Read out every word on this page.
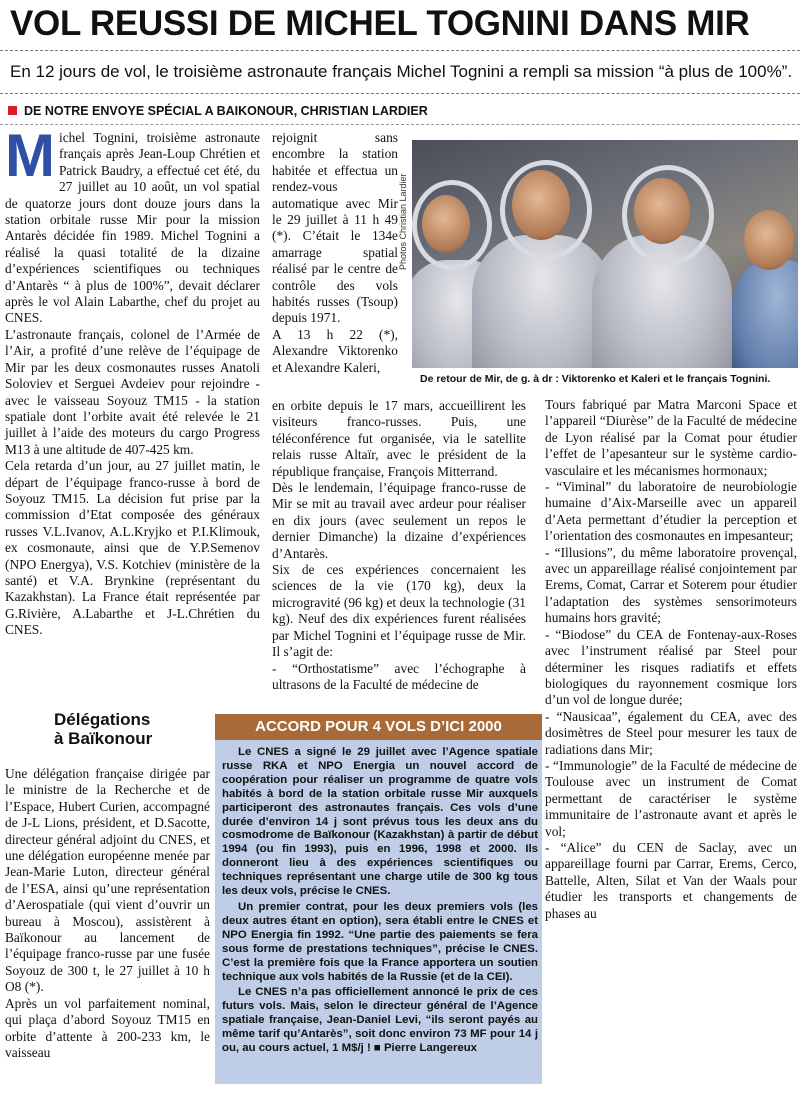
VOL REUSSI DE MICHEL TOGNINI DANS MIR
En 12 jours de vol, le troisième astronaute français Michel Tognini a rempli sa mission “à plus de 100%”.
DE NOTRE ENVOYE SPÉCIAL A BAIKONOUR, CHRISTIAN LARDIER

Michel Tognini, troisième astronaute français après Jean-Loup Chrétien et Patrick Baudry, a effectué cet été, du 27 juillet au 10 août, un vol spatial de quatorze jours dont douze jours dans la station orbitale russe Mir pour la mission Antarès décidée fin 1989. Michel Tognini a réalisé la quasi totalité de la dizaine d’expériences scientifiques ou techniques d’Antarès “ à plus de 100%”, devait déclarer après le vol Alain Labarthe, chef du projet au CNES.

L’astronaute français, colonel de l’Armée de l’Air, a profité d’une relève de l’équipage de Mir par les deux cosmonautes russes Anatoli Soloviev et Serguei Avdeiev pour rejoindre - avec le vaisseau Soyouz TM15 - la station spatiale dont l’orbite avait été relevée le 21 juillet à l’aide des moteurs du cargo Progress M13 à une altitude de 407-425 km.

Cela retarda d’un jour, au 27 juillet matin, le départ de l’équipage franco-russe à bord de Soyouz TM15. La décision fut prise par la commission d’Etat composée des généraux russes V.L.Ivanov, A.L.Kryjko et P.I.Klimouk, ex cosmonaute, ainsi que de Y.P.Semenov (NPO Energya), V.S. Kotchiev (ministère de la santé) et V.A. Brynkine (représentant du Kazakhstan). La France était représentée par G.Rivière, A.Labarthe et J-L.Chrétien du CNES.

rejoignit sans encombre la station habitée et effectua un rendez-vous automatique avec Mir le 29 juillet à 11 h 49 (*). C’était le 134e amarrage spatial réalisé par le centre de contrôle des vols habités russes (Tsoup) depuis 1971.

A 13 h 22 (*), Alexandre Viktorenko et Alexandre Kaleri,

en orbite depuis le 17 mars, accueillirent les visiteurs franco-russes. Puis, une téléconférence fut organisée, via le satellite relais russe Altaïr, avec le président de la république française, François Mitterrand.

Dès le lendemain, l’équipage franco-russe de Mir se mit au travail avec ardeur pour réaliser en dix jours (avec seulement un repos le dernier Dimanche) la dizaine d’expériences d’Antarès.

Six de ces expériences concernaient les sciences de la vie (170 kg), deux la microgravité (96 kg) et deux la technologie (31 kg). Neuf des dix expériences furent réalisées par Michel Tognini et l’équipage russe de Mir. Il s’agit de:

- “Orthostatisme” avec l’échographe à ultrasons de la Faculté de médecine de

Photos Christian Lardier
De retour de Mir, de g. à dr : Viktorenko et Kaleri et le français Tognini.

Tours fabriqué par Matra Marconi Space et l’appareil “Diurèse” de la Faculté de médecine de Lyon réalisé par la Comat pour étudier l’effet de l’apesanteur sur le système cardio-vasculaire et les mécanismes hormonaux;

- “Viminal” du laboratoire de neurobiologie humaine d’Aix-Marseille avec un appareil d’Aeta permettant d’étudier la perception et l’orientation des cosmonautes en impesanteur;

- “Illusions”, du même laboratoire provençal, avec un appareillage réalisé conjointement par Erems, Comat, Carrar et Soterem pour étudier l’adaptation des systèmes sensorimoteurs humains hors gravité;

- “Biodose” du CEA de Fontenay-aux-Roses avec l’instrument réalisé par Steel pour déterminer les risques radiatifs et effets biologiques du rayonnement cosmique lors d’un vol de longue durée;

- “Nausicaa”, également du CEA, avec des dosimètres de Steel pour mesurer les taux de radiations dans Mir;

- “Immunologie” de la Faculté de médecine de Toulouse avec un instrument de Comat permettant de caractériser le système immunitaire de l’astronaute avant et après le vol;

- “Alice” du CEN de Saclay, avec un appareillage fourni par Carrar, Erems, Cerco, Battelle, Alten, Silat et Van der Waals pour étudier les transports et changements de phases au

Délégations
à Baïkonour

Une délégation française dirigée par le ministre de la Recherche et de l’Espace, Hubert Curien, accompagné de J-L Lions, président, et D.Sacotte, directeur général adjoint du CNES, et une délégation européenne menée par Jean-Marie Luton, directeur général de l’ESA, ainsi qu’une représentation d’Aerospatiale (qui vient d’ouvrir un bureau à Moscou), assistèrent à Baïkonour au lancement de l’équipage franco-russe par une fusée Soyouz de 300 t, le 27 juillet à 10 h O8 (*).

Après un vol parfaitement nominal, qui plaça d’abord Soyouz TM15 en orbite d’attente à 200-233 km, le vaisseau

ACCORD POUR 4 VOLS D’ICI 2000

Le CNES a signé le 29 juillet avec l’Agence spatiale russe RKA et NPO Energia un nouvel accord de coopération pour réaliser un programme de quatre vols habités à bord de la station orbitale russe Mir auxquels participeront des astronautes français. Ces vols d’une durée d’environ 14 j sont prévus tous les deux ans du cosmodrome de Baïkonour (Kazakhstan) à partir de début 1994 (ou fin 1993), puis en 1996, 1998 et 2000. Ils donneront lieu à des expériences scientifiques ou techniques représentant une charge utile de 300 kg tous les deux vols, précise le CNES.

Un premier contrat, pour les deux premiers vols (les deux autres étant en option), sera établi entre le CNES et NPO Energia fin 1992. “Une partie des paiements se fera sous forme de prestations techniques”, précise le CNES. C’est la première fois que la France apportera un soutien technique aux vols habités de la Russie (et de la CEI).

Le CNES n’a pas officiellement annoncé le prix de ces futurs vols. Mais, selon le directeur général de l’Agence spatiale française, Jean-Daniel Levi, “ils seront payés au même tarif qu’Antarès”, soit donc environ 73 MF pour 14 j ou, au cours actuel, 1 M$/j ! ■ Pierre Langereux
